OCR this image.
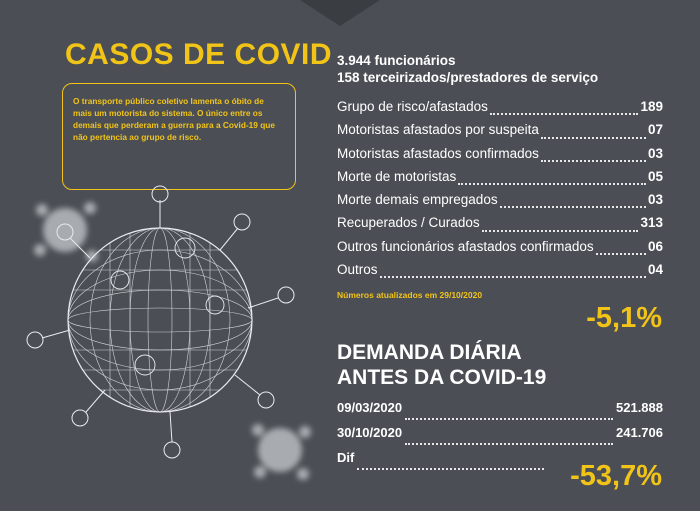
CASOS DE COVID
O transporte público coletivo lamenta o óbito de mais um motorista do sistema. O único entre os demais que perderam a guerra para a Covid-19 que não pertencia ao grupo de risco.
3.944 funcionários
158 terceirizados/prestadores de serviço
Grupo de risco/afastados	189
Motoristas afastados por suspeita	07
Motoristas afastados confirmados	03
Morte de motoristas	05
Morte demais empregados	03
Recuperados / Curados	313
Outros funcionários afastados confirmados	06
Outros	04
Números atualizados em 29/10/2020
-5,1%
DEMANDA DIÁRIA
ANTES DA COVID-19
09/03/2020	521.888
30/10/2020	241.706
Dif
-53,7%
